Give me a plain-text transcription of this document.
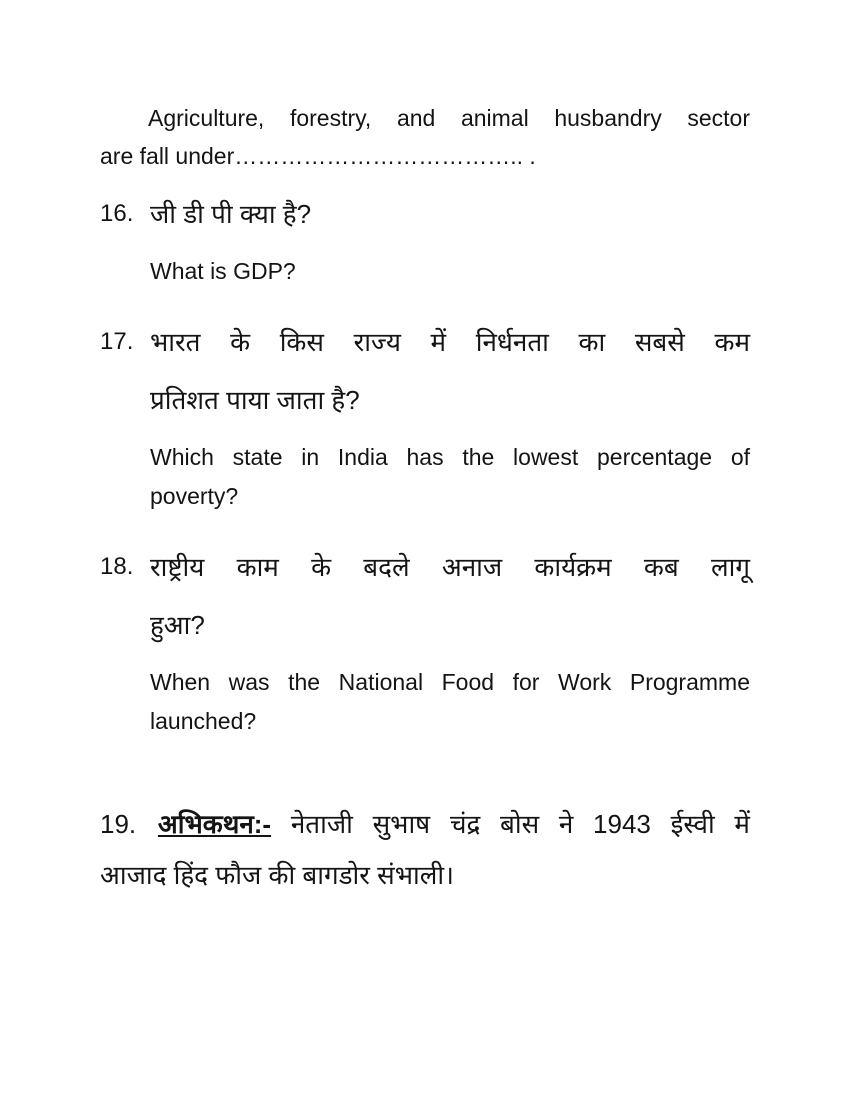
Agriculture, forestry, and animal husbandry sector
are fall under……………………………….. .
16. जी डी पी क्या है?
What is GDP?
17. भारत के किस राज्य में निर्धनता का सबसे कम
प्रतिशत पाया जाता है?
Which state in India has the lowest percentage of
poverty?
18. राष्ट्रीय काम के बदले अनाज कार्यक्रम कब लागू
हुआ?
When was the National Food for Work Programme
launched?
19. अभिकथन:- नेताजी सुभाष चंद्र बोस ने 1943 ईस्वी में
आजाद हिंद फौज की बागडोर संभाली।
